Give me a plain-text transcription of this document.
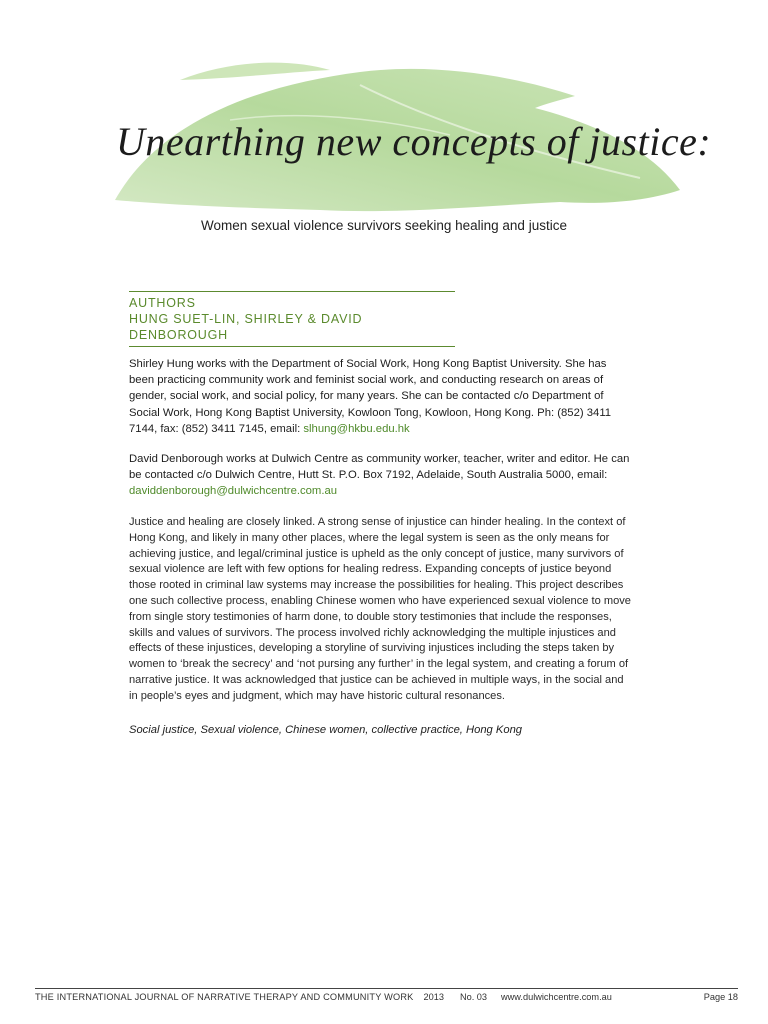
Unearthing new concepts of justice:
Women sexual violence survivors seeking healing and justice
AUTHORS
HUNG SUET-LIN, SHIRLEY & DAVID DENBOROUGH

Shirley Hung works with the Department of Social Work, Hong Kong Baptist University. She has been practicing community work and feminist social work, and conducting research on areas of gender, social work, and social policy, for many years. She can be contacted c/o Department of Social Work, Hong Kong Baptist University, Kowloon Tong, Kowloon, Hong Kong. Ph: (852) 3411 7144, fax: (852) 3411 7145, email: slhung@hkbu.edu.hk

David Denborough works at Dulwich Centre as community worker, teacher, writer and editor. He can be contacted c/o Dulwich Centre, Hutt St. P.O. Box 7192, Adelaide, South Australia 5000, email: daviddenborough@dulwichcentre.com.au

Justice and healing are closely linked. A strong sense of injustice can hinder healing. In the context of Hong Kong, and likely in many other places, where the legal system is seen as the only means for achieving justice, and legal/criminal justice is upheld as the only concept of justice, many survivors of sexual violence are left with few options for healing redress. Expanding concepts of justice beyond those rooted in criminal law systems may increase the possibilities for healing. This project describes one such collective process, enabling Chinese women who have experienced sexual violence to move from single story testimonies of harm done, to double story testimonies that include the responses, skills and values of survivors. The process involved richly acknowledging the multiple injustices and effects of these injustices, developing a storyline of surviving injustices including the steps taken by women to ‘break the secrecy’ and ‘not pursing any further’ in the legal system, and creating a forum of narrative justice. It was acknowledged that justice can be achieved in multiple ways, in the social and in people’s eyes and judgment, which may have historic cultural resonances.

Social justice, Sexual violence, Chinese women, collective practice, Hong Kong

THE INTERNATIONAL JOURNAL OF NARRATIVE THERAPY AND COMMUNITY WORK 2013 No. 03 www.dulwichcentre.com.au	Page 18
